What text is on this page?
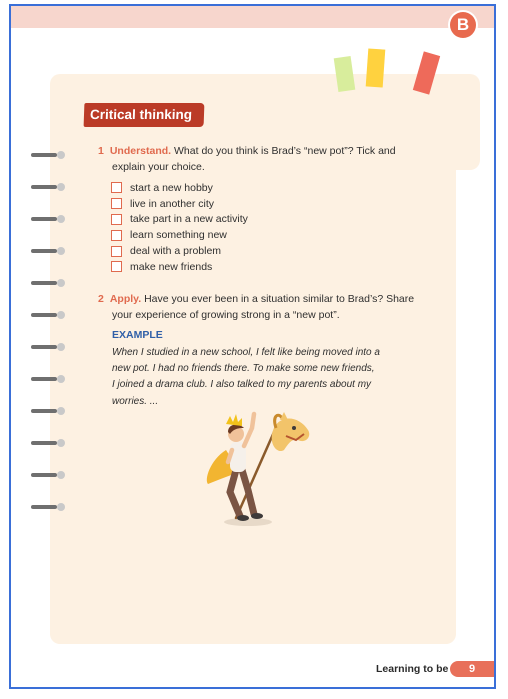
B
Critical thinking
1 Understand. What do you think is Brad’s “new pot”? Tick and
explain your choice.
start a new hobby
live in another city
take part in a new activity
learn something new
deal with a problem
make new friends
2 Apply. Have you ever been in a situation similar to Brad’s? Share
your experience of growing strong in a “new pot”.
EXAMPLE

When I studied in a new school, I felt like being moved into a
new pot. I had no friends there. To make some new friends,
I joined a drama club. I also talked to my parents about my
worries. ...

Learning to be	9
